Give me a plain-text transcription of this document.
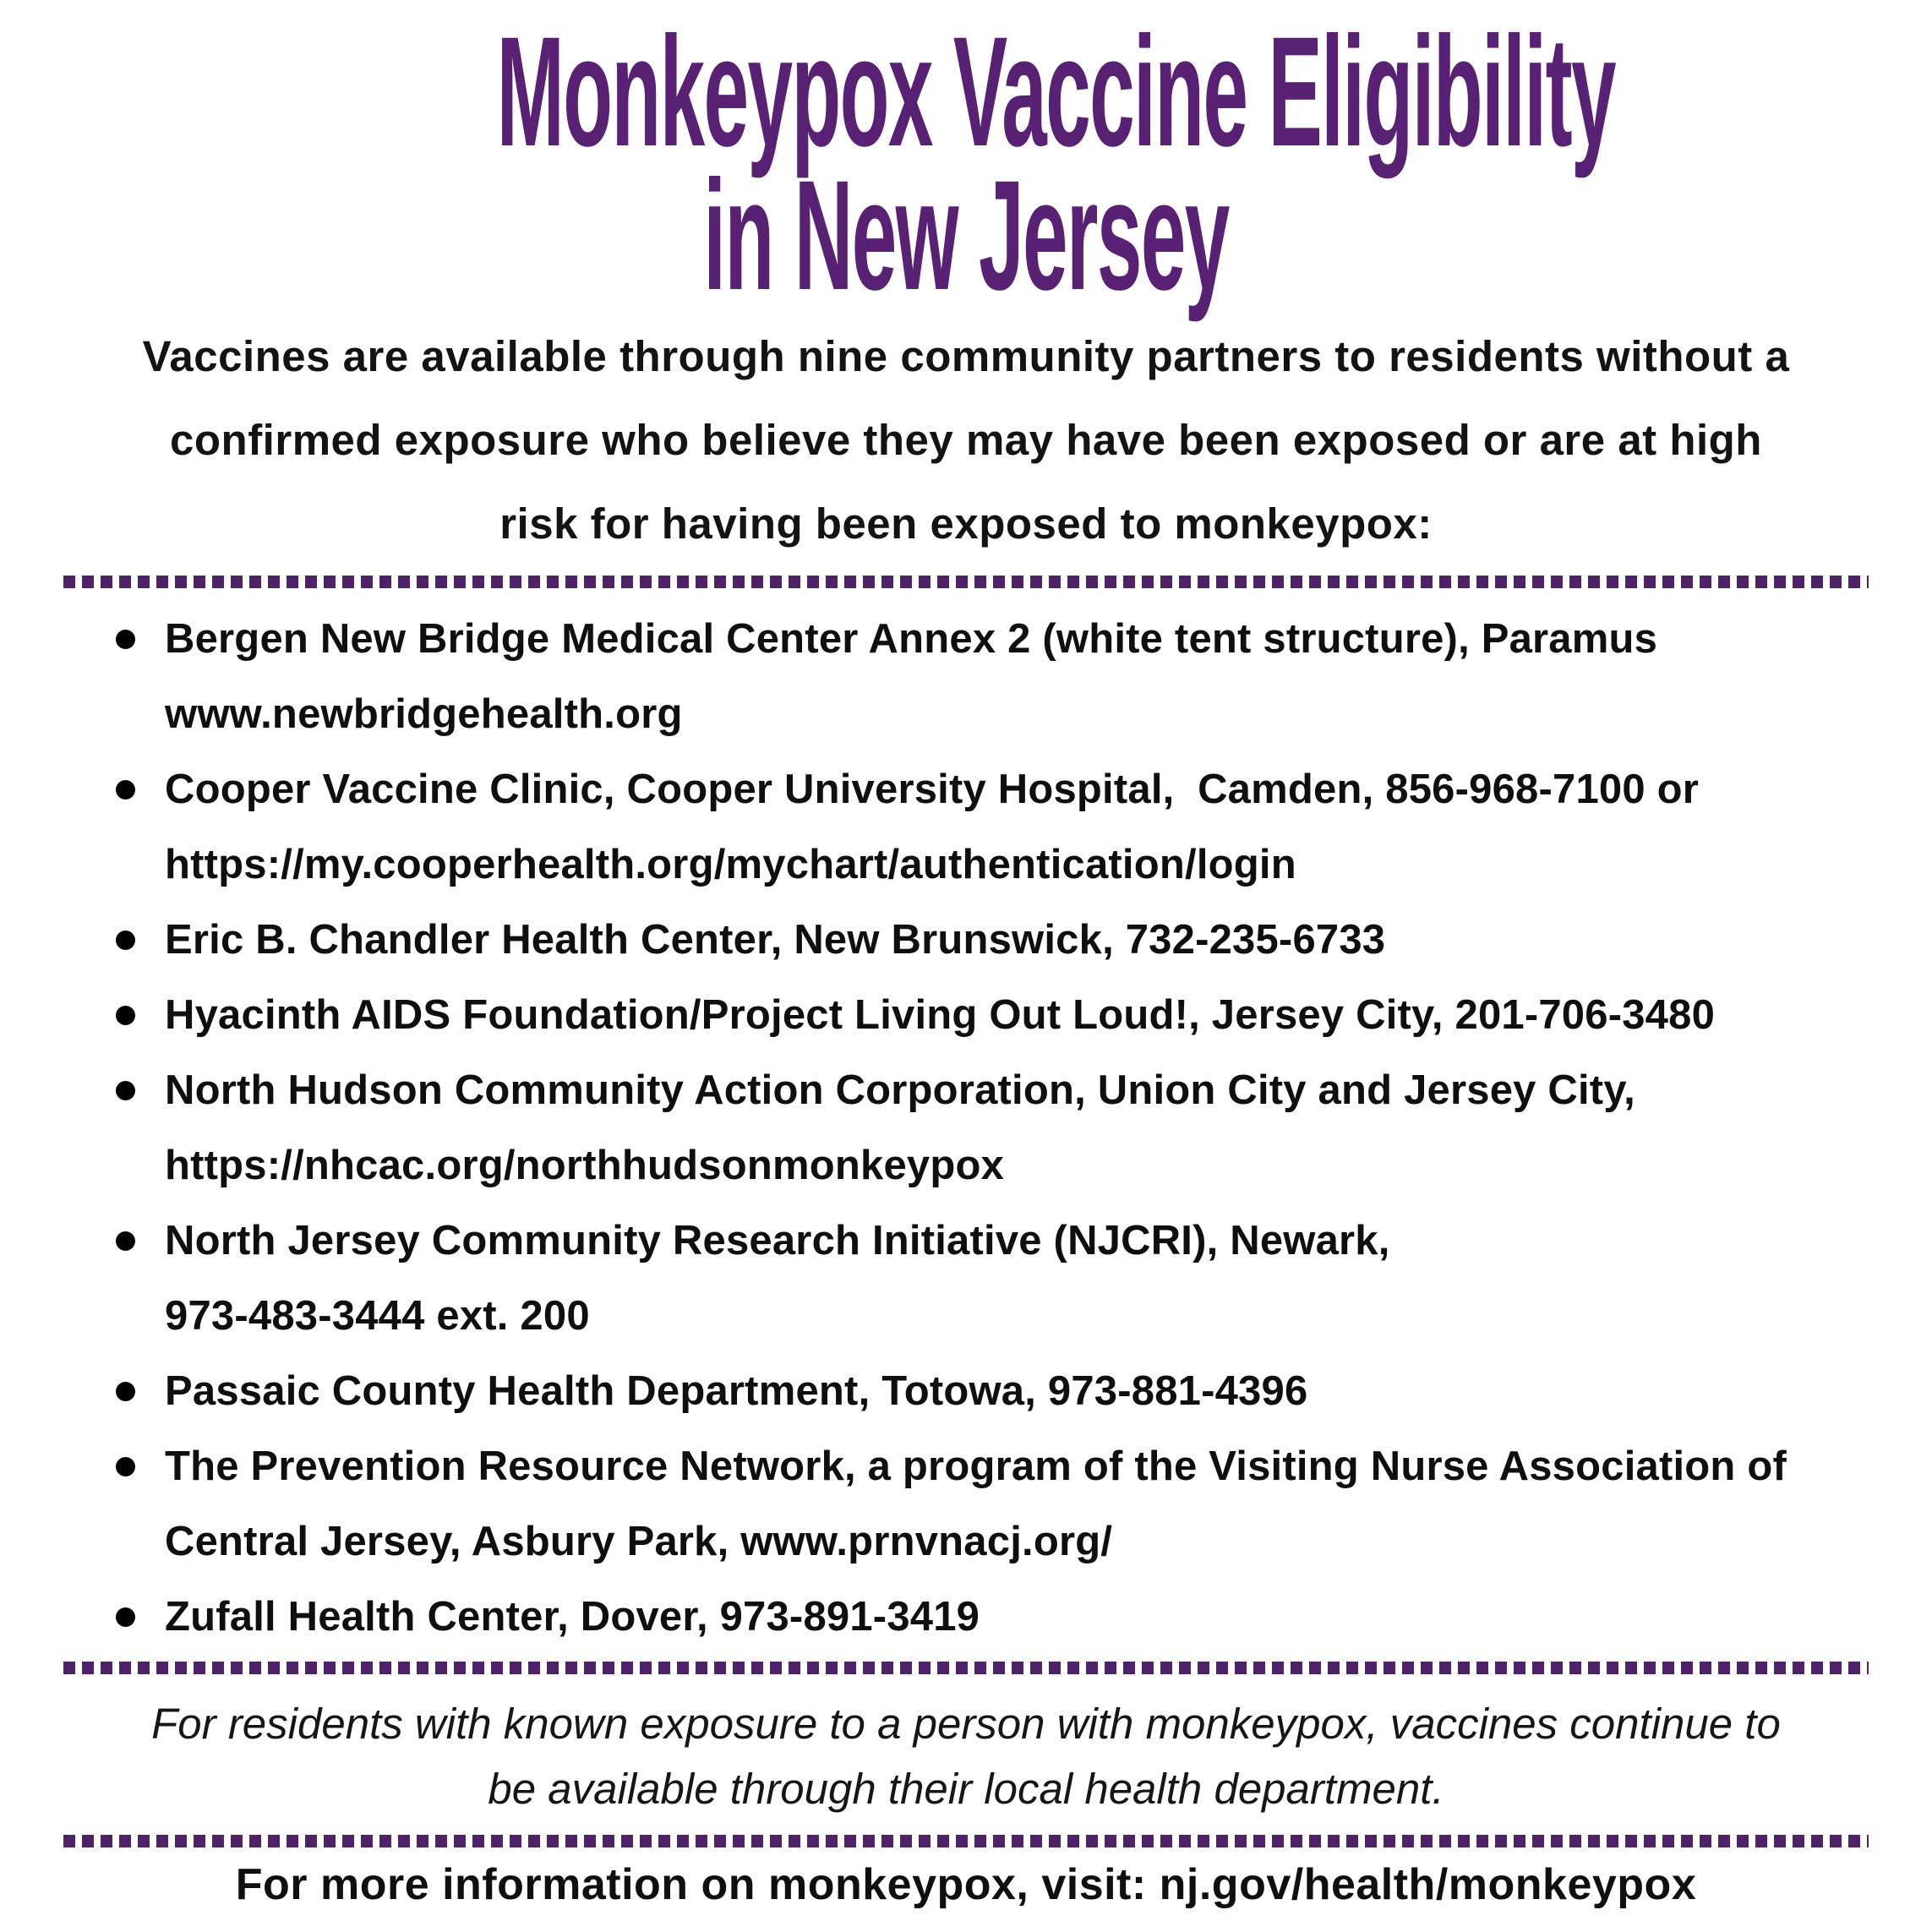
Monkeypox Vaccine Eligibility
in New Jersey

Vaccines are available through nine community partners to residents without a
confirmed exposure who believe they may have been exposed or are at high
risk for having been exposed to monkeypox:

Bergen New Bridge Medical Center Annex 2 (white tent structure), Paramus
www.newbridgehealth.org
Cooper Vaccine Clinic, Cooper University Hospital,  Camden, 856-968-7100 or
https://my.cooperhealth.org/mychart/authentication/login
Eric B. Chandler Health Center, New Brunswick, 732-235-6733
Hyacinth AIDS Foundation/Project Living Out Loud!, Jersey City, 201-706-3480
North Hudson Community Action Corporation, Union City and Jersey City,
https://nhcac.org/northhudsonmonkeypox
North Jersey Community Research Initiative (NJCRI), Newark,
973-483-3444 ext. 200
Passaic County Health Department, Totowa, 973-881-4396
The Prevention Resource Network, a program of the Visiting Nurse Association of
Central Jersey, Asbury Park, www.prnvnacj.org/
Zufall Health Center, Dover, 973-891-3419

For residents with known exposure to a person with monkeypox, vaccines continue to
be available through their local health department.

For more information on monkeypox, visit: nj.gov/health/monkeypox
